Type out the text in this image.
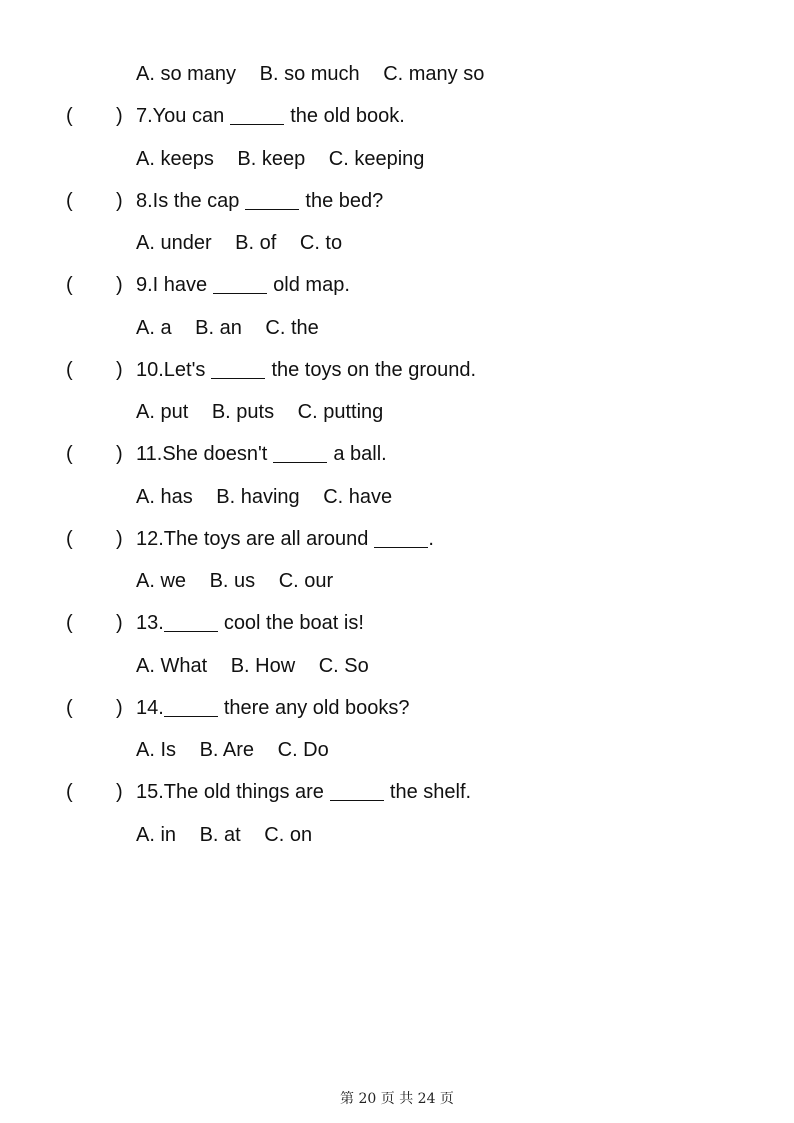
A. so many B. so much C. many so
( ) 7.You can	the old book.
A. keeps B. keep C. keeping
( ) 8.Is the cap	the bed?
A. under B. of C. to
( ) 9.I have	old map.
A. a B. an C. the
( ) 10.Let's	the toys on the ground.
A. put B. puts C. putting
( ) 11.She doesn't	a ball.
A. has B. having C. have
( ) 12.The toys are all around	.
A. we B. us C. our
( ) 13.	cool the boat is!
A. What B. How C. So
( ) 14.	there any old books?
A. Is B. Are C. Do
( ) 15.The old things are	the shelf.
A. in B. at C. on
第 20 页 共 24 页
